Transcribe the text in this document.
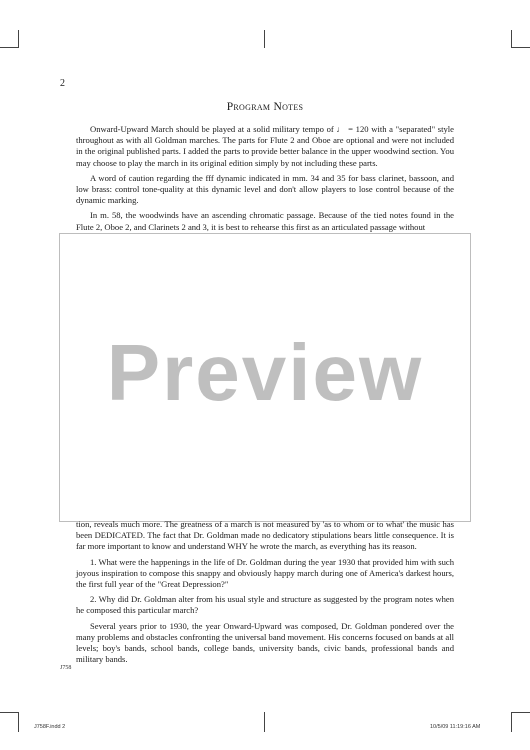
2
Program Notes

Onward-Upward March should be played at a solid military tempo of ♩ = 120 with a "separated" style throughout as with all Goldman marches. The parts for Flute 2 and Oboe are optional and were not included in the original published parts. I added the parts to provide better balance in the upper woodwind section. You may choose to play the march in its original edition simply by not including these parts.

A word of caution regarding the fff dynamic indicated in mm. 34 and 35 for bass clarinet, bassoon, and low brass: control tone-quality at this dynamic level and don't allow players to lose control because of the dynamic marking.

In m. 58, the woodwinds have an ascending chromatic passage. Because of the tied notes found in the Flute 2, Oboe 2, and Clarinets 2 and 3, it is best to rehearse this first as an articulated passage without

Preview

tion, reveals much more. The greatness of a march is not measured by 'as to whom or to what' the music has been DEDICATED. The fact that Dr. Goldman made no dedicatory stipulations bears little consequence. It is far more important to know and understand WHY he wrote the march, as everything has its reason.

1. What were the happenings in the life of Dr. Goldman during the year 1930 that provided him with such joyous inspiration to compose this snappy and obviously happy march during one of America's darkest hours, the first full year of the "Great Depression?"

2. Why did Dr. Goldman alter from his usual style and structure as suggested by the program notes when he composed this particular march?

Several years prior to 1930, the year Onward-Upward was composed, Dr. Goldman pondered over the many problems and obstacles confronting the universal band movement. His concerns focused on bands at all levels; boy's bands, school bands, college bands, university bands, civic bands, professional bands and military bands.

J758
J758F.indd 2	10/5/09 11:19:16 AM
